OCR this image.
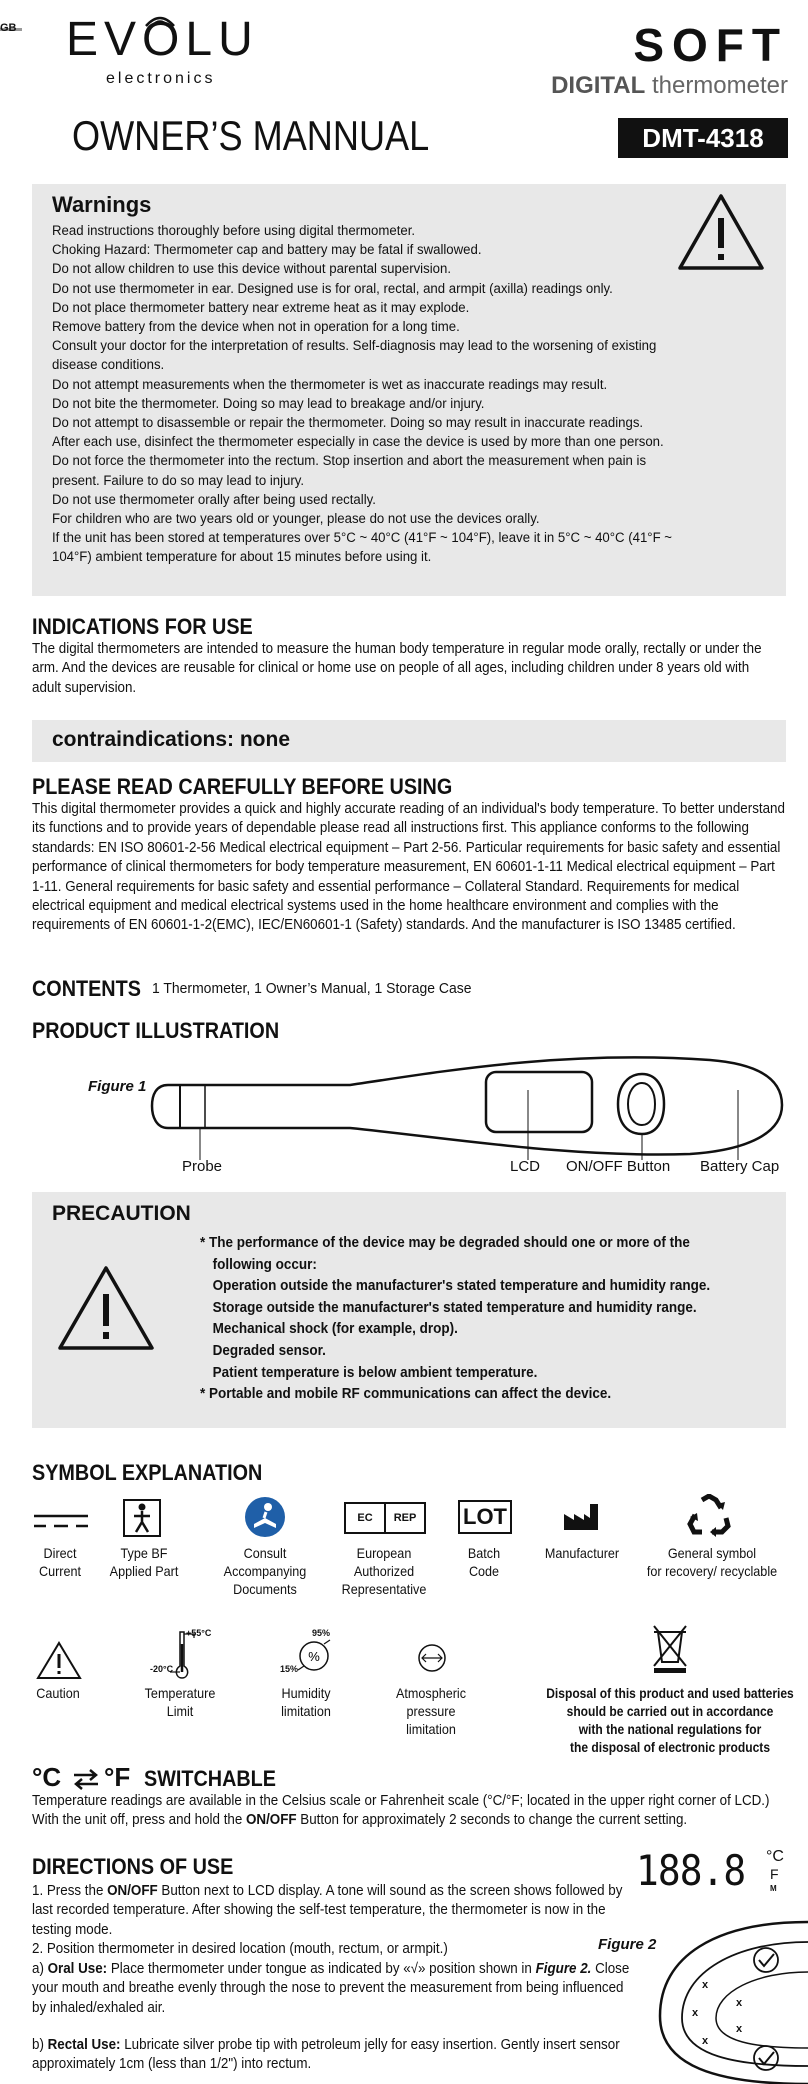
GB EVOLU
electronics
SOFT
DIGITAL thermometer
OWNER’S MANNUAL	DMT-4318
Warnings
Read instructions thoroughly before using digital thermometer.
Choking Hazard: Thermometer cap and battery may be fatal if swallowed.
Do not allow children to use this device without parental supervision.
Do not use thermometer in ear. Designed use is for oral, rectal, and armpit (axilla) readings only.
Do not place thermometer battery near extreme heat as it may explode.
Remove battery from the device when not in operation for a long time.
Consult your doctor for the interpretation of results. Self-diagnosis may lead to the worsening of existing disease conditions.
Do not attempt measurements when the thermometer is wet as inaccurate readings may result.
Do not bite the thermometer. Doing so may lead to breakage and/or injury.
Do not attempt to disassemble or repair the thermometer. Doing so may result in inaccurate readings.
After each use, disinfect the thermometer especially in case the device is used by more than one person.
Do not force the thermometer into the rectum. Stop insertion and abort the measurement when pain is present. Failure to do so may lead to injury.
Do not use thermometer orally after being used rectally.
For children who are two years old or younger, please do not use the devices orally.
If the unit has been stored at temperatures over 5°C ~ 40°C (41°F ~ 104°F), leave it in 5°C ~ 40°C (41°F ~ 104°F) ambient temperature for about 15 minutes before using it.
INDICATIONS FOR USE
The digital thermometers are intended to measure the human body temperature in regular mode orally, rectally or under the arm. And the devices are reusable for clinical or home use on people of all ages, including children under 8 years old with adult supervision.
contraindications: none
PLEASE READ CAREFULLY BEFORE USING
This digital thermometer provides a quick and highly accurate reading of an individual's body temperature. To better understand its functions and to provide years of dependable please read all instructions first. This appliance conforms to the following standards: EN ISO 80601-2-56 Medical electrical equipment – Part 2-56. Particular requirements for basic safety and essential performance of clinical thermometers for body temperature measurement, EN 60601-1-11 Medical electrical equipment – Part 1-11. General requirements for basic safety and essential performance – Collateral Standard. Requirements for medical electrical equipment and medical electrical systems used in the home healthcare environment and complies with the requirements of EN 60601-1-2(EMC), IEC/EN60601-1 (Safety) standards. And the manufacturer is ISO 13485 certified.
CONTENTS 1 Thermometer, 1 Owner’s Manual, 1 Storage Case
PRODUCT ILLUSTRATION
Figure 1
Probe	LCD ON/OFF Button Battery Cap
PRECAUTION
* The performance of the device may be degraded should one or more of the
following occur:
Operation outside the manufacturer's stated temperature and humidity range.
Storage outside the manufacturer's stated temperature and humidity range.
Mechanical shock (for example, drop).
Degraded sensor.
Patient temperature is below ambient temperature.
* Portable and mobile RF communications can affect the device.
SYMBOL EXPLANATION
EC	REP	LOT
Direct
Current
Type BF
Applied Part
Consult
Accompanying
Documents
European
Authorized
Representative
Batch
Code
Manufacturer	General symbol
for recovery/ recyclable
+55°C
-20°C
95%
15%
%
Caution	Temperature
Limit
Humidity
limitation
Atmospheric
pressure
limitation
Disposal of this product and used batteries
should be carried out in accordance
with the national regulations for
the disposal of electronic products
°C °F SWITCHABLE
Temperature readings are available in the Celsius scale or Fahrenheit scale (°C/°F; located in the upper right corner of LCD.) With the unit off, press and hold the ON/OFF Button for approximately 2 seconds to change the current setting.
DIRECTIONS OF USE	188.8 °C
F
M
1. Press the ON/OFF Button next to LCD display. A tone will sound as the screen shows followed by last recorded temperature. After showing the self-test temperature, the thermometer is now in the testing mode.
2. Position thermometer in desired location (mouth, rectum, or armpit.)
a) Oral Use: Place thermometer under tongue as indicated by «√» position shown in Figure 2. Close your mouth and breathe evenly through the nose to prevent the measurement from being influenced by inhaled/exhaled air.
b) Rectal Use: Lubricate silver probe tip with petroleum jelly for easy insertion. Gently insert sensor approximately 1cm (less than 1/2") into rectum.
Figure 2
x
x
x
x
x
